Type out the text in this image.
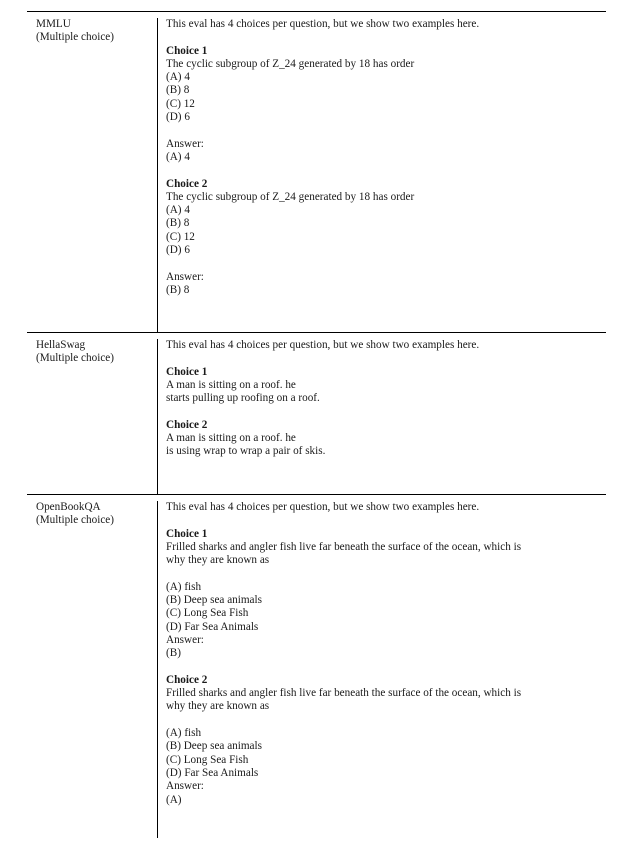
MMLU
(Multiple choice)
This eval has 4 choices per question, but we show two examples here.
Choice 1
The cyclic subgroup of Z_24 generated by 18 has order
(A) 4
(B) 8
(C) 12
(D) 6
Answer:
(A) 4
Choice 2
The cyclic subgroup of Z_24 generated by 18 has order
(A) 4
(B) 8
(C) 12
(D) 6
Answer:
(B) 8
HellaSwag
(Multiple choice)
This eval has 4 choices per question, but we show two examples here.
Choice 1
A man is sitting on a roof. he
starts pulling up roofing on a roof.
Choice 2
A man is sitting on a roof. he
is using wrap to wrap a pair of skis.
OpenBookQA
(Multiple choice)
This eval has 4 choices per question, but we show two examples here.
Choice 1
Frilled sharks and angler fish live far beneath the surface of the ocean, which is
why they are known as
(A) fish
(B) Deep sea animals
(C) Long Sea Fish
(D) Far Sea Animals
Answer:
(B)
Choice 2
Frilled sharks and angler fish live far beneath the surface of the ocean, which is
why they are known as
(A) fish
(B) Deep sea animals
(C) Long Sea Fish
(D) Far Sea Animals
Answer:
(A)
